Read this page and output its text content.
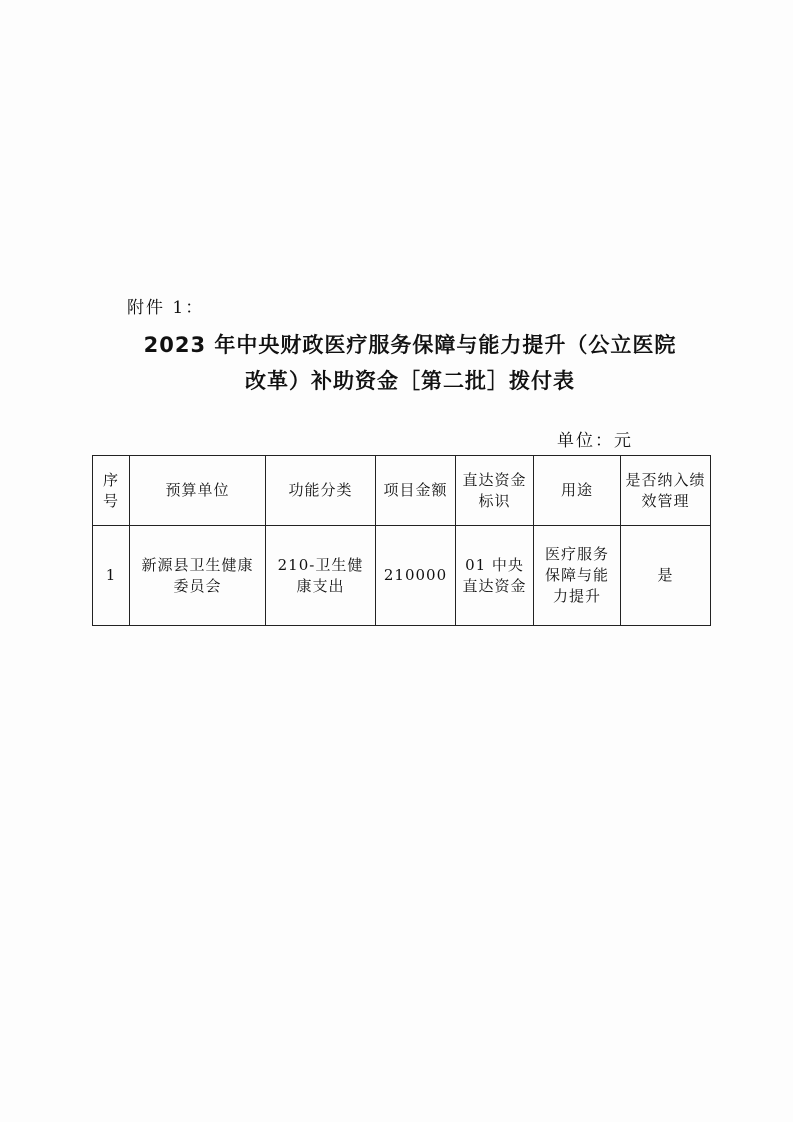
附件 1：
2023 年中央财政医疗服务保障与能力提升（公立医院
改革）补助资金［第二批］拨付表
单位：元
序号	预算单位	功能分类	项目金额	直达资金标识	用途	是否纳入绩效管理
1	新源县卫生健康委员会	210-卫生健康支出	210000	01 中央直达资金	医疗服务保障与能力提升	是
